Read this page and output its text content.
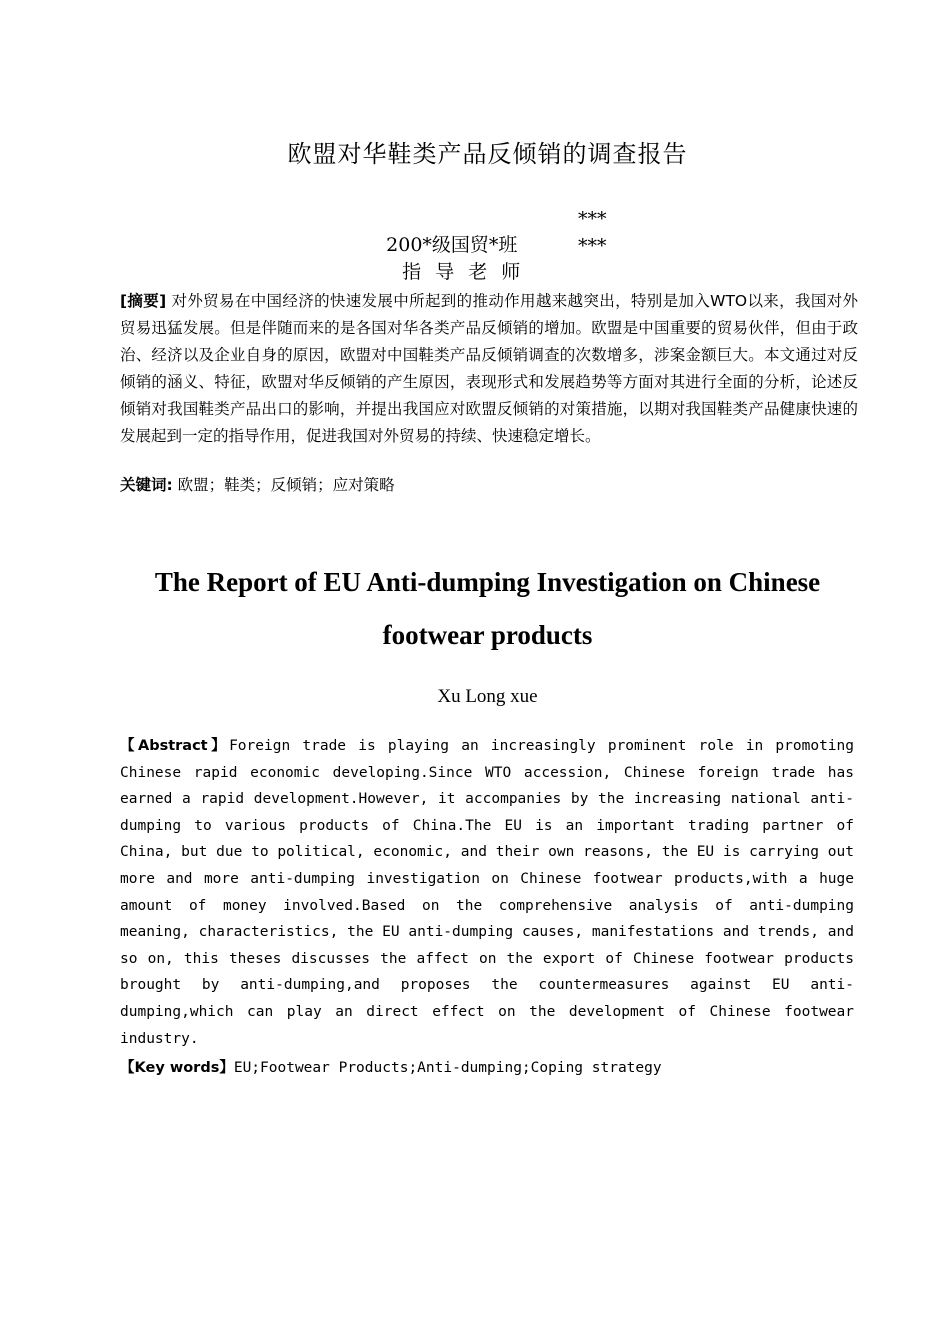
欧盟对华鞋类产品反倾销的调查报告

200*级国贸*班

***

指 导 老 师

***

[摘要] 对外贸易在中国经济的快速发展中所起到的推动作用越来越突出，特别是加入WTO以来，我国对外贸易迅猛发展。但是伴随而来的是各国对华各类产品反倾销的增加。欧盟是中国重要的贸易伙伴，但由于政治、经济以及企业自身的原因，欧盟对中国鞋类产品反倾销调查的次数增多，涉案金额巨大。本文通过对反倾销的涵义、特征，欧盟对华反倾销的产生原因，表现形式和发展趋势等方面对其进行全面的分析，论述反倾销对我国鞋类产品出口的影响，并提出我国应对欧盟反倾销的对策措施，以期对我国鞋类产品健康快速的发展起到一定的指导作用，促进我国对外贸易的持续、快速稳定增长。
关键词: 欧盟；鞋类；反倾销；应对策略
The Report of EU Anti-dumping Investigation on Chinese footwear products
Xu Long xue
【Abstract】Foreign trade is playing an increasingly prominent role in promoting Chinese rapid economic developing.Since WTO accession, Chinese foreign trade has earned a rapid development.However, it accompanies by the increasing national anti-dumping to various products of China.The EU is an important trading partner of China, but due to political, economic, and their own reasons, the EU is carrying out more and more anti-dumping investigation on Chinese footwear products,with a huge amount of money involved.Based on the comprehensive analysis of anti-dumping meaning, characteristics, the EU anti-dumping causes, manifestations and trends, and so on, this theses discusses the affect on the export of Chinese footwear products brought by anti-dumping,and proposes the countermeasures against EU anti-dumping,which can play an direct effect on the development of Chinese footwear industry.
【Key words】EU;Footwear Products;Anti-dumping;Coping strategy
